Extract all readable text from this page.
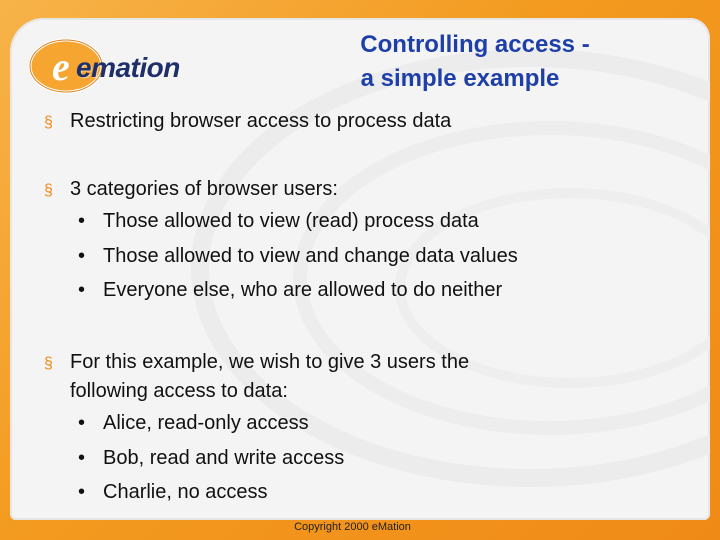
e emation
Controlling access -
a simple example
§ Restricting browser access to process data
§ 3 categories of browser users:
• Those allowed to view (read) process data
• Those allowed to view and change data values
• Everyone else, who are allowed to do neither
§ For this example, we wish to give 3 users the
following access to data:
• Alice, read-only access
• Bob, read and write access
• Charlie, no access
Copyright 2000 eMation
